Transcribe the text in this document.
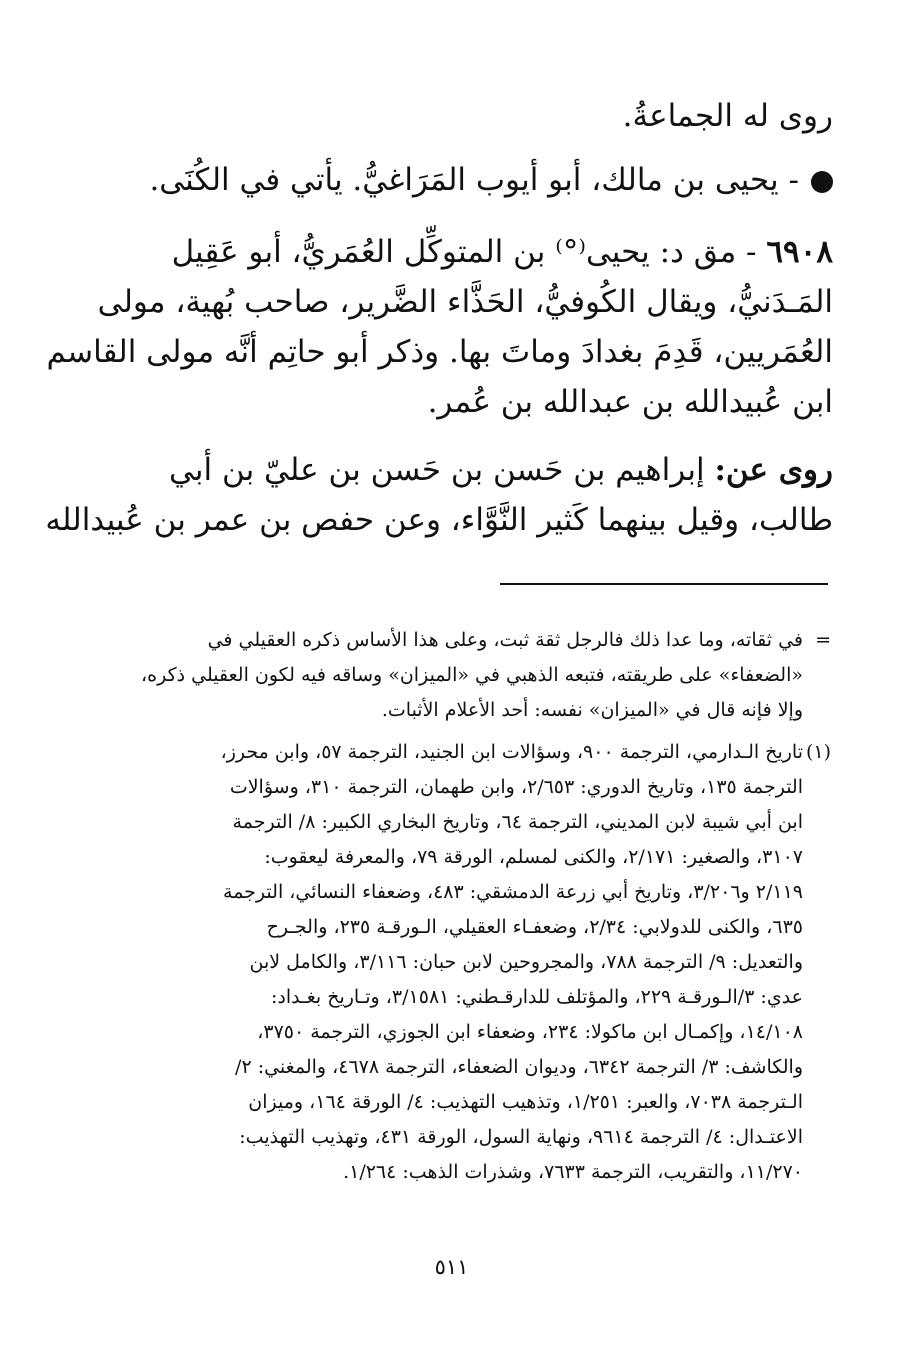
روى له الجماعةُ.
- يحيى بن مالك، أبو أيوب المَرَاغيُّ. يأتي في الكُنَى.
٦٩٠٨ - مق د: يحيى⁽°⁾ بن المتوكِّل العُمَريُّ، أبو عَقِيل
المَـدَنيُّ، ويقال الكُوفيُّ، الحَذَّاء الضَّرير، صاحب بُهية، مولى
العُمَريين، قَدِمَ بغدادَ وماتَ بها. وذكر أبو حاتِم أنَّه مولى القاسم
ابن عُبيدالله بن عبدالله بن عُمر.
روى عن: إبراهيم بن حَسن بن حَسن بن عليّ بن أبي
طالب، وقيل بينهما كَثير النَّوَّاء، وعن حفص بن عمر بن عُبيدالله
=
في ثقاته، وما عدا ذلك فالرجل ثقة ثبت، وعلى هذا الأساس ذكره العقيلي في
«الضعفاء» على طريقته، فتبعه الذهبي في «الميزان» وساقه فيه لكون العقيلي ذكره،
وإلا فإنه قال في «الميزان» نفسه: أحد الأعلام الأثبات.
(١)
تاريخ الـدارمي، الترجمة ٩٠٠، وسؤالات ابن الجنيد، الترجمة ٥٧، وابن محرز،
الترجمة ١٣٥، وتاريخ الدوري: ٢/٦٥٣، وابن طهمان، الترجمة ٣١٠، وسؤالات
ابن أبي شيبة لابن المديني، الترجمة ٦٤، وتاريخ البخاري الكبير: ٨/ الترجمة
٣١٠٧، والصغير: ٢/١٧١، والكنى لمسلم، الورقة ٧٩، والمعرفة ليعقوب:
٢/١١٩ و٣/٢٠٦، وتاريخ أبي زرعة الدمشقي: ٤٨٣، وضعفاء النسائي، الترجمة
٦٣٥، والكنى للدولابي: ٢/٣٤، وضعفـاء العقيلي، الـورقـة ٢٣٥، والجـرح
والتعديل: ٩/ الترجمة ٧٨٨، والمجروحين لابن حبان: ٣/١١٦، والكامل لابن
عدي: ٣/الـورقـة ٢٢٩، والمؤتلف للدارقـطني: ٣/١٥٨١، وتـاريخ بغـداد:
١٤/١٠٨، وإكمـال ابن ماكولا: ٢٣٤، وضعفاء ابن الجوزي، الترجمة ٣٧٥٠،
والكاشف: ٣/ الترجمة ٦٣٤٢، وديوان الضعفاء، الترجمة ٤٦٧٨، والمغني: ٢/
الـترجمة ٧٠٣٨، والعبر: ١/٢٥١، وتذهيب التهذيب: ٤/ الورقة ١٦٤، وميزان
الاعتـدال: ٤/ الترجمة ٩٦١٤، ونهاية السول، الورقة ٤٣١، وتهذيب التهذيب:
١١/٢٧٠، والتقريب، الترجمة ٧٦٣٣، وشذرات الذهب: ١/٢٦٤.
٥١١
